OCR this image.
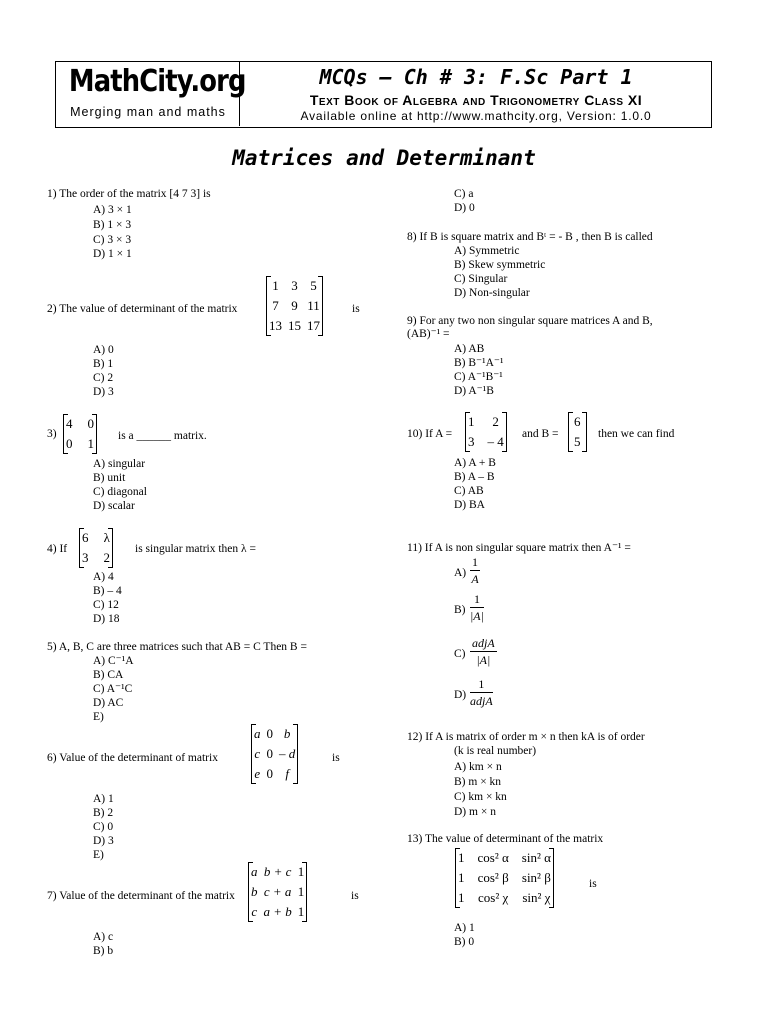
MathCity.org
Merging man and maths
MCQs – Ch # 3: F.Sc Part 1
Text Book of Algebra and Trigonometry Class XI
Available online at http://www.mathcity.org, Version: 1.0.0
Matrices and Determinant
1) The order of the matrix [4 7 3] is
A) 3 × 1
B) 1 × 3
C) 3 × 3
D) 1 × 1
2) The value of determinant of the matrix
1	3	5
7	9	11
13	15	17
is
A) 0
B) 1
C) 2
D) 3
3)
4	0
0	1 is a ______ matrix.
A) singular
B) unit
C) diagonal
D) scalar
4) If
6	λ
3	2
is singular matrix then λ =
A) 4
B) – 4
C) 12
D) 18
5) A, B, C are three matrices such that AB = C Then B =
A) C⁻¹A
B) CA
C) A⁻¹C
D) AC
E)
6) Value of the determinant of matrix
a	0	b
c	0	– d
e	0	f
is
A) 1
B) 2
C) 0
D) 3
E)
7) Value of the determinant of the matrix
a	b + c	1
b	c + a	1
c	a + b	1
is
A) c
B) b
C) a
D) 0
8) If B is square matrix and Bᵗ = - B , then B is called
A) Symmetric
B) Skew symmetric
C) Singular
D) Non-singular
9) For any two non singular square matrices A and B,
(AB)⁻¹ =
A) AB
B) B⁻¹A⁻¹
C) A⁻¹B⁻¹
D) A⁻¹B
10) If A =
1	2
3	– 4 and B =
6
5 then we can find
A) A + B
B) A – B
C) AB
D) BA
11) If A is non singular square matrix then A⁻¹ =
$A) \frac{1}{A}$
$B) \frac{1}{|A|}$
C)
adjA
|A|
D)
1
adjA
12) If A is matrix of order m × n then kA is of order
(k is real number)
A) km × n
B) m × kn
C) km × kn
D) m × n
13) The value of determinant of the matrix
1	cos² α	sin² α
1	cos² β	sin² β
1	cos² χ	sin² χ
is
A) 1
B) 0
